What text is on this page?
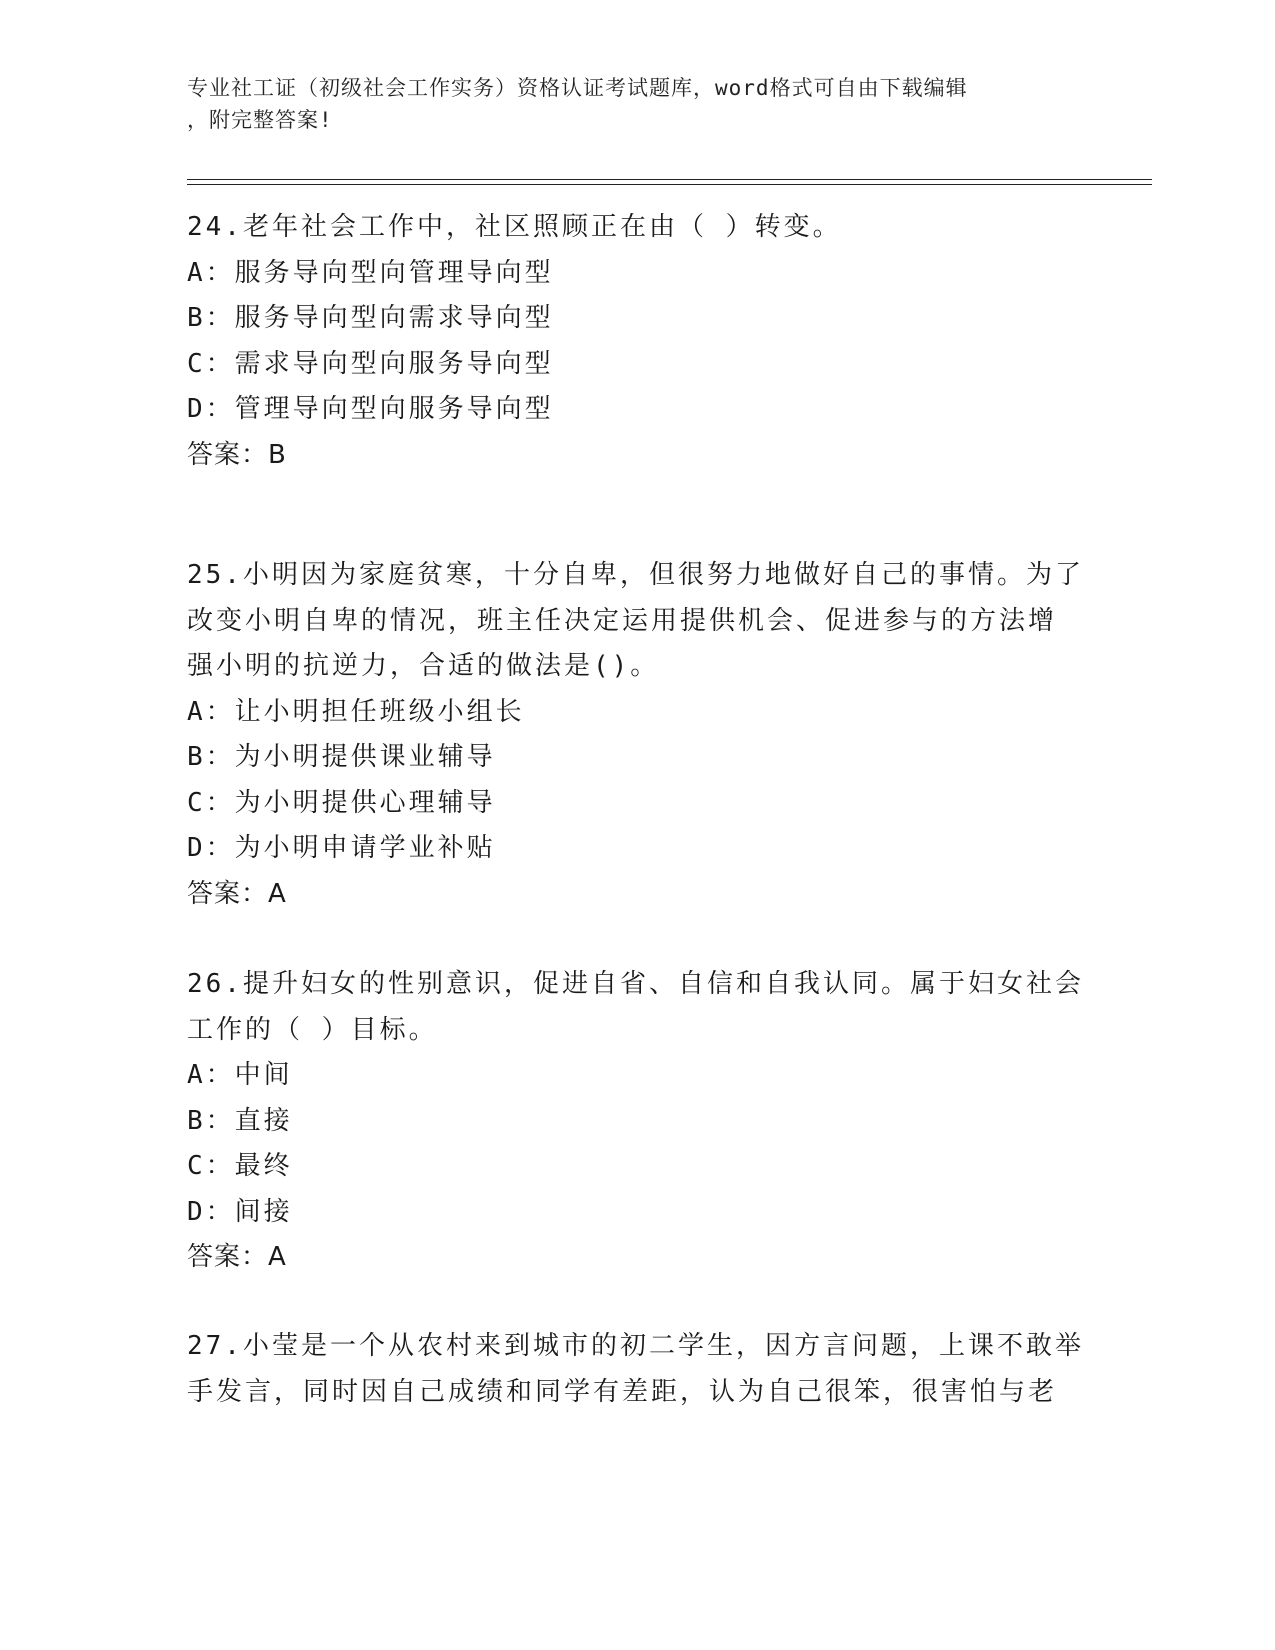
专业社工证（初级社会工作实务）资格认证考试题库，word格式可自由下载编辑
，附完整答案!
24.老年社会工作中，社区照顾正在由（ ）转变。
A：服务导向型向管理导向型
B：服务导向型向需求导向型
C：需求导向型向服务导向型
D：管理导向型向服务导向型
答案：B
25.小明因为家庭贫寒，十分自卑，但很努力地做好自己的事情。为了
改变小明自卑的情况，班主任决定运用提供机会、促进参与的方法增
强小明的抗逆力，合适的做法是()。
A：让小明担任班级小组长
B：为小明提供课业辅导
C：为小明提供心理辅导
D：为小明申请学业补贴
答案：A
26.提升妇女的性别意识，促进自省、自信和自我认同。属于妇女社会
工作的（ ）目标。
A：中间
B：直接
C：最终
D：间接
答案：A
27.小莹是一个从农村来到城市的初二学生，因方言问题，上课不敢举
手发言，同时因自己成绩和同学有差距，认为自己很笨，很害怕与老
